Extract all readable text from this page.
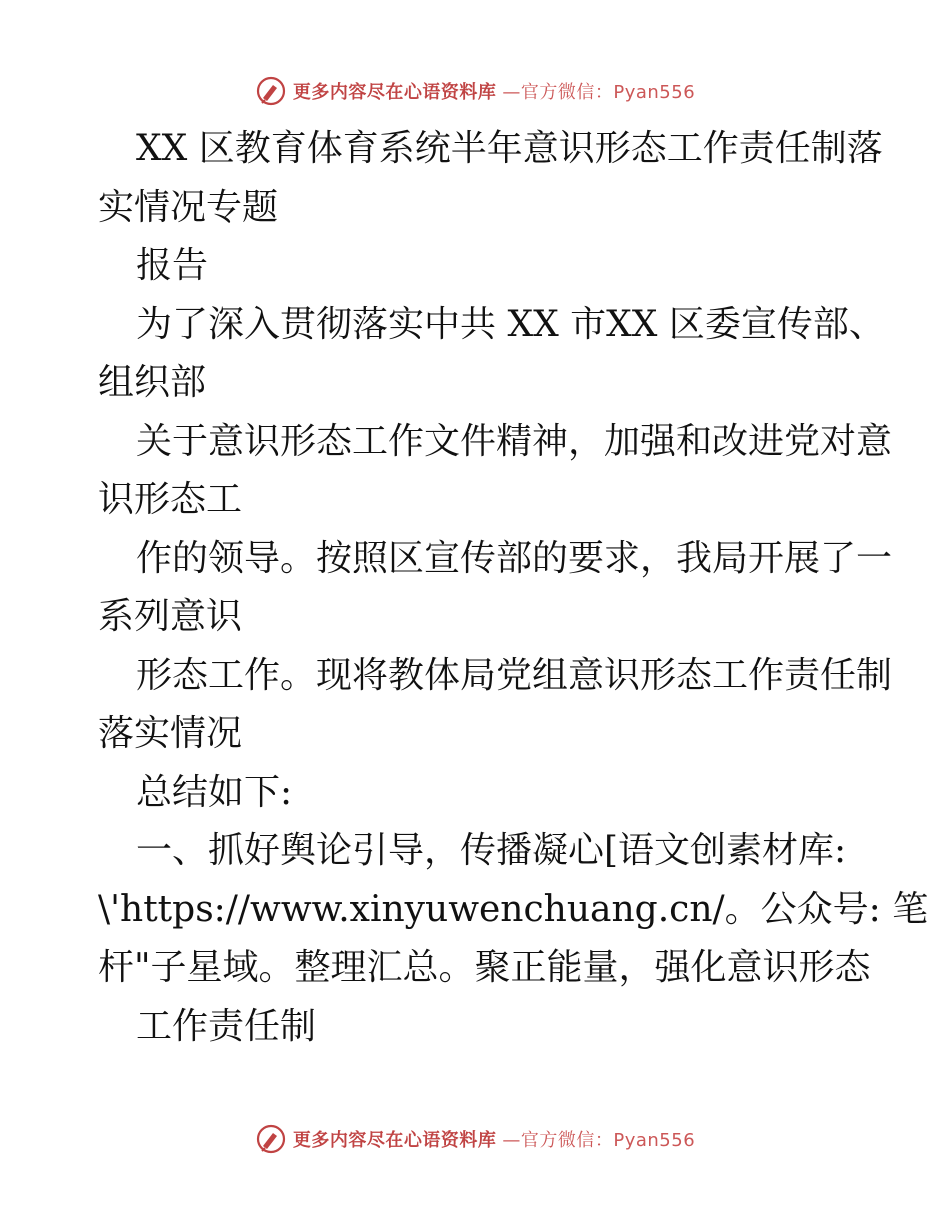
更多内容尽在心语资料库 —官方微信：Pyan556
XX 区教育体育系统半年意识形态工作责任制落
实情况专题
报告
为了深入贯彻落实中共 XX 市XX 区委宣传部、
组织部
关于意识形态工作文件精神，加强和改进党对意
识形态工
作的领导。按照区宣传部的要求，我局开展了一
系列意识
形态工作。现将教体局党组意识形态工作责任制
落实情况
总结如下:
一、抓好舆论引导，传播凝心[语文创素材库:
\'https://www.xinyuwenchuang.cn/。公众号: 笔
杆"子星域。整理汇总。聚正能量，强化意识形态
工作责任制
更多内容尽在心语资料库 —官方微信：Pyan556
